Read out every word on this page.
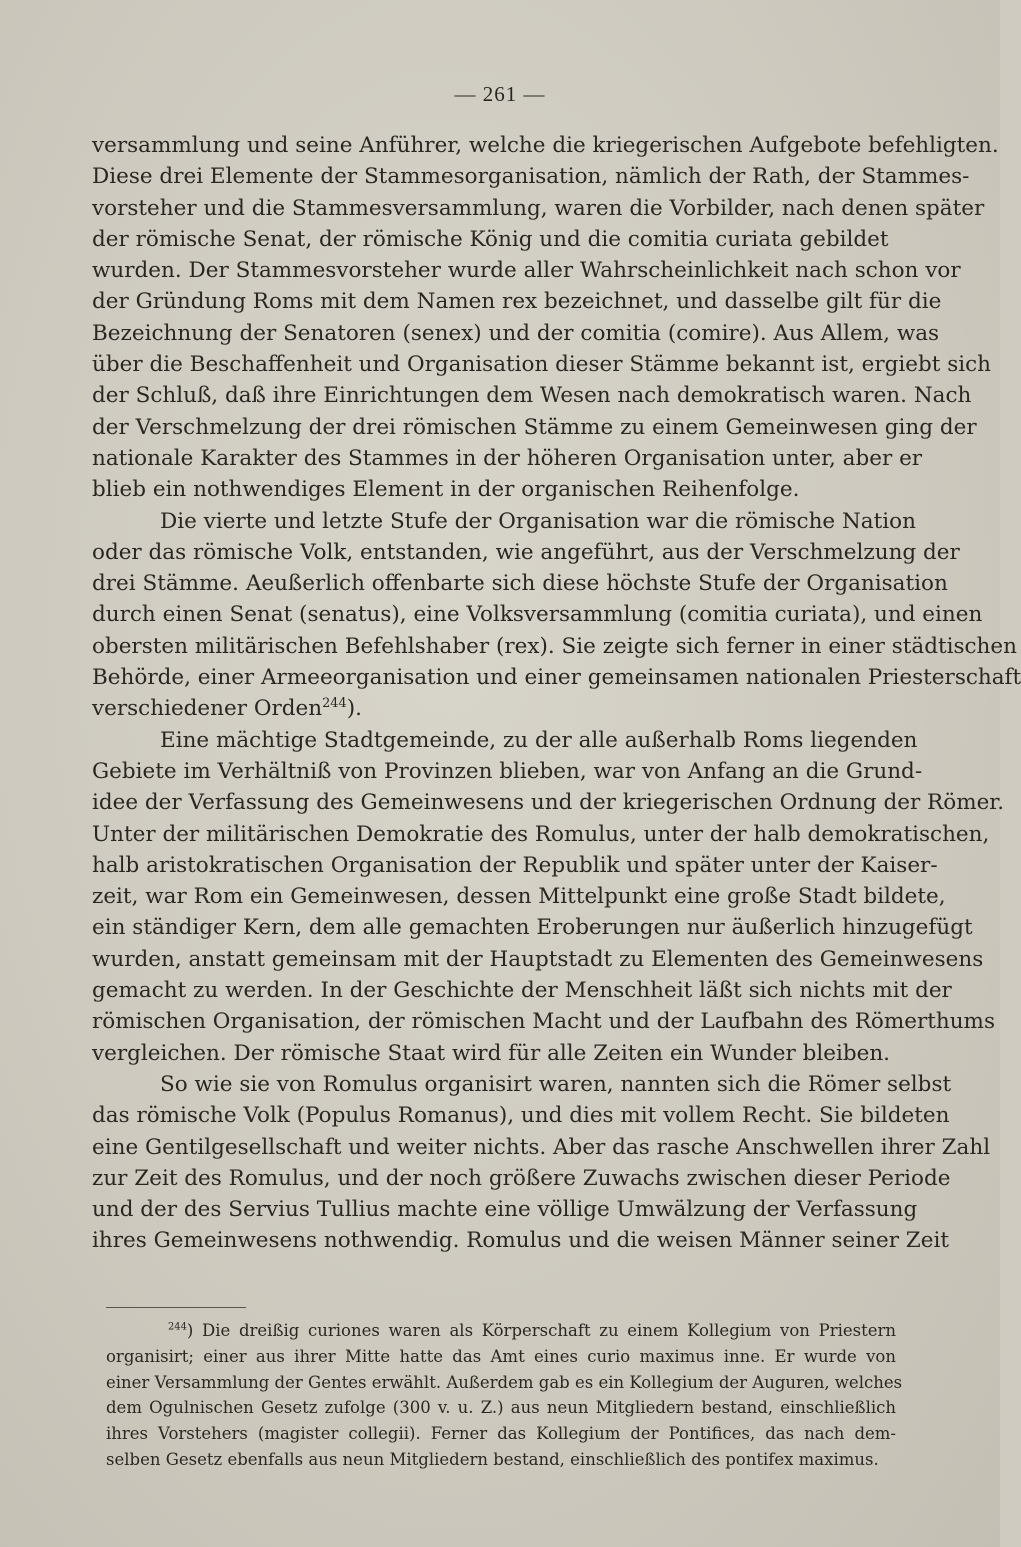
— 261 —
versammlung und seine Anführer, welche die kriegerischen Aufgebote befehligten.
Diese drei Elemente der Stammesorganisation, nämlich der Rath, der Stammes-
vorsteher und die Stammesversammlung, waren die Vorbilder, nach denen später
der römische Senat, der römische König und die comitia curiata gebildet
wurden. Der Stammesvorsteher wurde aller Wahrscheinlichkeit nach schon vor
der Gründung Roms mit dem Namen rex bezeichnet, und dasselbe gilt für die
Bezeichnung der Senatoren (senex) und der comitia (comire). Aus Allem, was
über die Beschaffenheit und Organisation dieser Stämme bekannt ist, ergiebt sich
der Schluß, daß ihre Einrichtungen dem Wesen nach demokratisch waren. Nach
der Verschmelzung der drei römischen Stämme zu einem Gemeinwesen ging der
nationale Karakter des Stammes in der höheren Organisation unter, aber er
blieb ein nothwendiges Element in der organischen Reihenfolge.
Die vierte und letzte Stufe der Organisation war die römische Nation
oder das römische Volk, entstanden, wie angeführt, aus der Verschmelzung der
drei Stämme. Aeußerlich offenbarte sich diese höchste Stufe der Organisation
durch einen Senat (senatus), eine Volksversammlung (comitia curiata), und einen
obersten militärischen Befehlshaber (rex). Sie zeigte sich ferner in einer städtischen
Behörde, einer Armeeorganisation und einer gemeinsamen nationalen Priesterschaft
verschiedener Orden$^{244}$).
Eine mächtige Stadtgemeinde, zu der alle außerhalb Roms liegenden
Gebiete im Verhältniß von Provinzen blieben, war von Anfang an die Grund-
idee der Verfassung des Gemeinwesens und der kriegerischen Ordnung der Römer.
Unter der militärischen Demokratie des Romulus, unter der halb demokratischen,
halb aristokratischen Organisation der Republik und später unter der Kaiser-
zeit, war Rom ein Gemeinwesen, dessen Mittelpunkt eine große Stadt bildete,
ein ständiger Kern, dem alle gemachten Eroberungen nur äußerlich hinzugefügt
wurden, anstatt gemeinsam mit der Hauptstadt zu Elementen des Gemeinwesens
gemacht zu werden. In der Geschichte der Menschheit läßt sich nichts mit der
römischen Organisation, der römischen Macht und der Laufbahn des Römerthums
vergleichen. Der römische Staat wird für alle Zeiten ein Wunder bleiben.
So wie sie von Romulus organisirt waren, nannten sich die Römer selbst
das römische Volk (Populus Romanus), und dies mit vollem Recht. Sie bildeten
eine Gentilgesellschaft und weiter nichts. Aber das rasche Anschwellen ihrer Zahl
zur Zeit des Romulus, und der noch größere Zuwachs zwischen dieser Periode
und der des Servius Tullius machte eine völlige Umwälzung der Verfassung
ihres Gemeinwesens nothwendig. Romulus und die weisen Männer seiner Zeit
$^{244}$) Die dreißig curiones waren als Körperschaft zu einem Kollegium von Priestern
organisirt; einer aus ihrer Mitte hatte das Amt eines curio maximus inne. Er wurde von
einer Versammlung der Gentes erwählt. Außerdem gab es ein Kollegium der Auguren, welches
dem Ogulnischen Gesetz zufolge (300 v. u. Z.) aus neun Mitgliedern bestand, einschließlich
ihres Vorstehers (magister collegii). Ferner das Kollegium der Pontifices, das nach dem-
selben Gesetz ebenfalls aus neun Mitgliedern bestand, einschließlich des pontifex maximus.
